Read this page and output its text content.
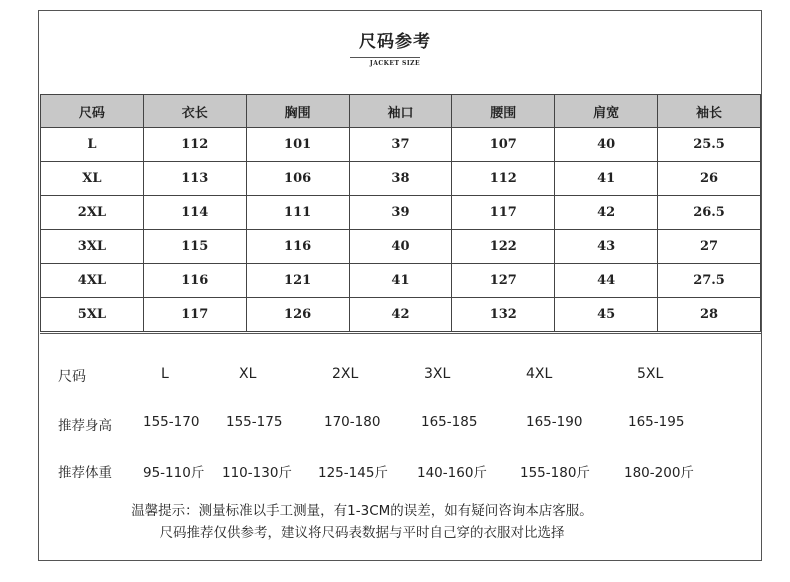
尺码参考
JACKET SIZE
尺码	衣长	胸围	袖口	腰围	肩宽	袖长
L	112	101	37	107	40	25.5
XL	113	106	38	112	41	26
2XL	114	111	39	117	42	26.5
3XL	115	116	40	122	43	27
4XL	116	121	41	127	44	27.5
5XL	117	126	42	132	45	28
尺码	L	XL	2XL	3XL	4XL	5XL
推荐身高 155-170 155-175	170-180	165-185	165-190	165-195
推荐体重 95-110斤 110-130斤 125-145斤 140-160斤 155-180斤	180-200斤
温馨提示：测量标准以手工测量，有1-3CM的误差，如有疑问咨询本店客服。
尺码推荐仅供参考，建议将尺码表数据与平时自己穿的衣服对比选择
